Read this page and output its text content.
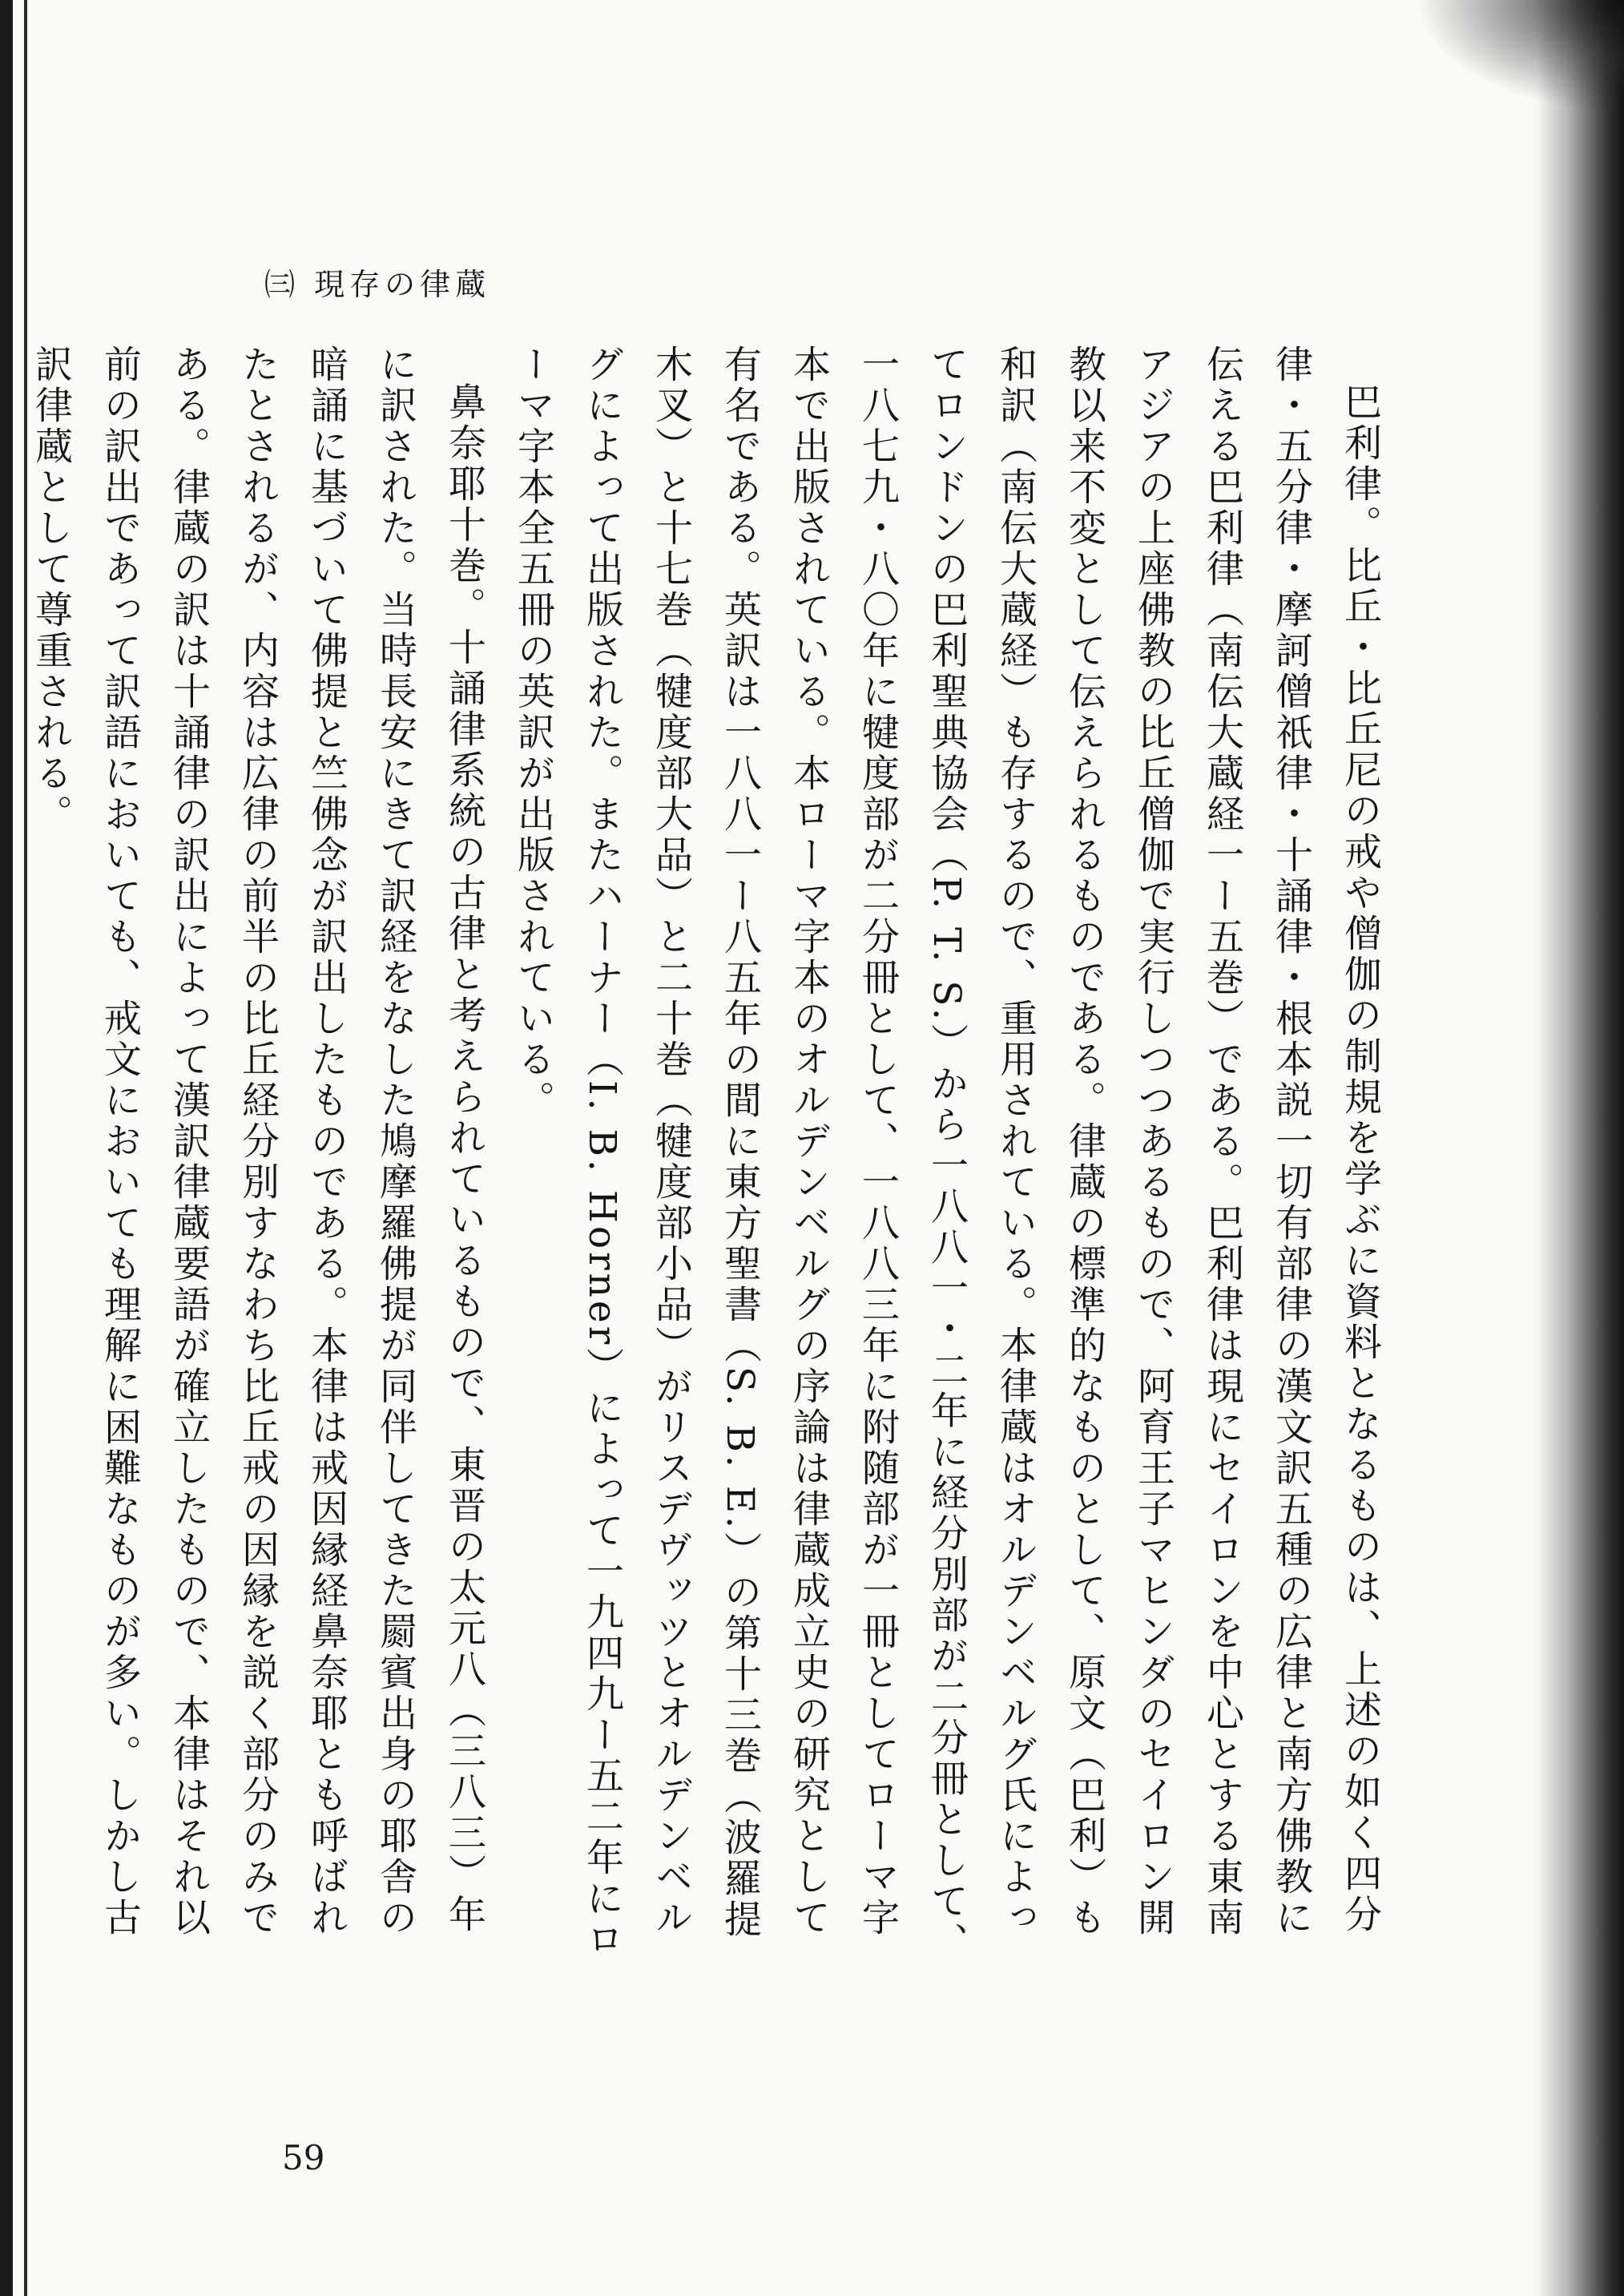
㈢ 現存の律蔵

巴利律。比丘・比丘尼の戒や僧伽の制規を学ぶに資料となるものは、上述の如く四分律・五分律・摩訶僧祇律・十誦律・根本説一切有部律の漢文訳五種の広律と南方佛教に伝える巴利律（南伝大蔵経一ー五巻）である。巴利律は現にセイロンを中心とする東南アジアの上座佛教の比丘僧伽で実行しつつあるもので、阿育王子マヒンダのセイロン開教以来不変として伝えられるものである。律蔵の標準的なものとして、原文（巴利）も和訳（南伝大蔵経）も存するので、重用されている。本律蔵はオルデンベルグ氏によってロンドンの巴利聖典協会（P. T. S.）から一八八一・二年に経分別部が二分冊として、一八七九・八〇年に犍度部が二分冊として、一八八三年に附随部が一冊としてローマ字本で出版されている。本ローマ字本のオルデンベルグの序論は律蔵成立史の研究として有名である。英訳は一八八一ー八五年の間に東方聖書（S. B. E.）の第十三巻（波羅提木叉）と十七巻（犍度部大品）と二十巻（犍度部小品）がリスデヴッツとオルデンベルグによって出版された。またハーナー（I. B. Horner）によって一九四九ー五二年にローマ字本全五冊の英訳が出版されている。

鼻奈耶十巻。十誦律系統の古律と考えられているもので、東晋の太元八（三八三）年に訳された。当時長安にきて訳経をなした鳩摩羅佛提が同伴してきた罽賓出身の耶舎の暗誦に基づいて佛提と竺佛念が訳出したものである。本律は戒因縁経鼻奈耶とも呼ばれたとされるが、内容は広律の前半の比丘経分別すなわち比丘戒の因縁を説く部分のみである。律蔵の訳は十誦律の訳出によって漢訳律蔵要語が確立したもので、本律はそれ以前の訳出であって訳語においても、戒文においても理解に困難なものが多い。しかし古訳律蔵として尊重される。

59
